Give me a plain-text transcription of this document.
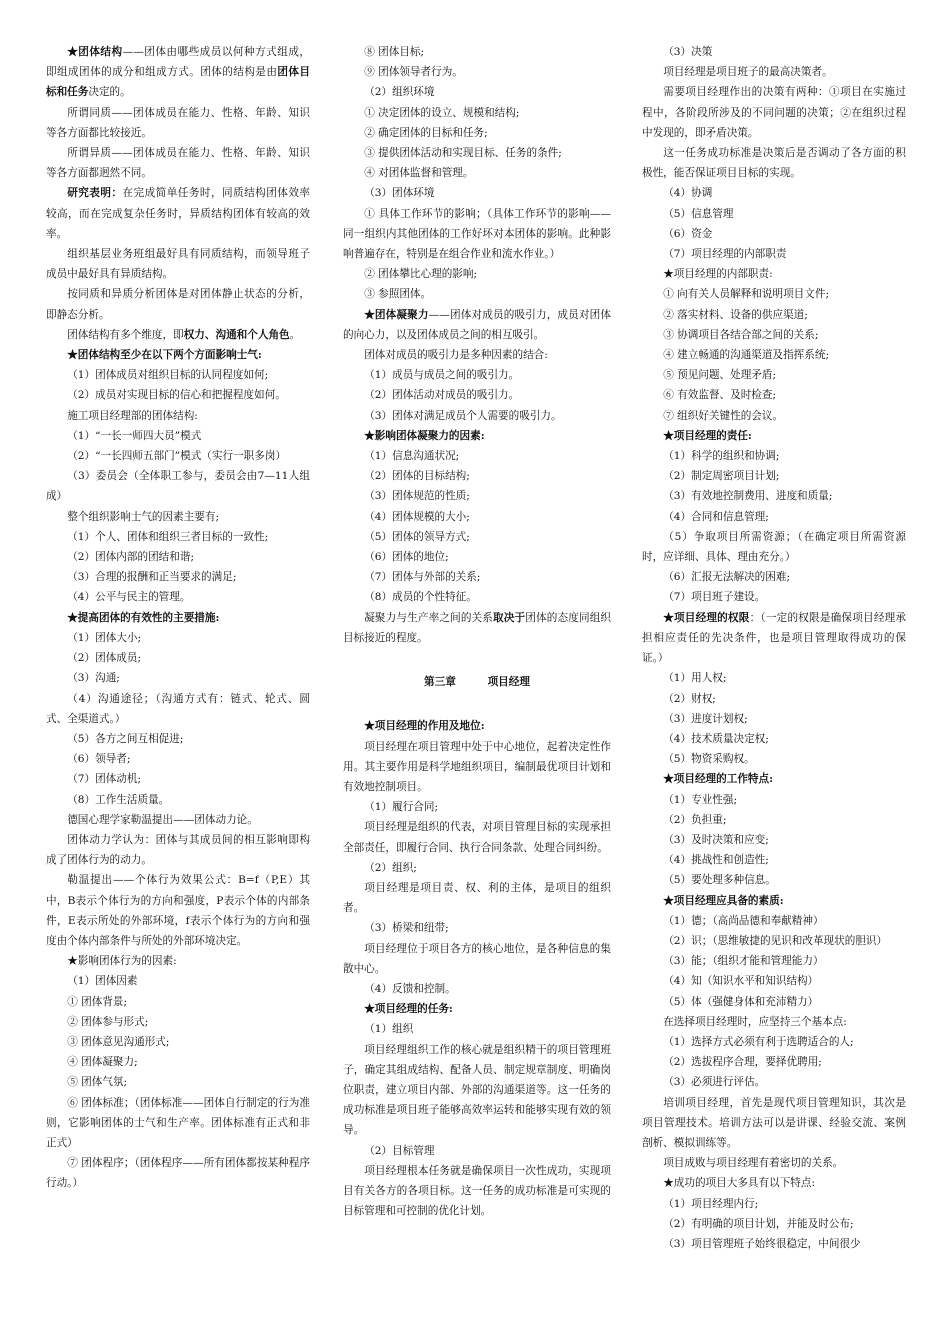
★团体结构——团体由哪些成员以何种方式组成，即组成团体的成分和组成方式。团体的结构是由团体目标和任务决定的。

所谓同质——团体成员在能力、性格、年龄、知识等各方面都比较接近。

所谓异质——团体成员在能力、性格、年龄、知识等各方面都迥然不同。

研究表明：在完成简单任务时，同质结构团体效率较高，而在完成复杂任务时，异质结构团体有较高的效率。

组织基层业务班组最好具有同质结构，而领导班子成员中最好具有异质结构。

按同质和异质分析团体是对团体静止状态的分析，即静态分析。

团体结构有多个维度，即权力、沟通和个人角色。

★团体结构至少在以下两个方面影响士气:

（1）团体成员对组织目标的认同程度如何;

（2）成员对实现目标的信心和把握程度如何。

施工项目经理部的团体结构:

（1）“一长一师四大员”模式

（2）“一长四师五部门”模式（实行一职多岗）

（3）委员会（全体职工参与，委员会由7—11人组成）

整个组织影响士气的因素主要有;

（1）个人、团体和组织三者目标的一致性;

（2）团体内部的团结和谐;

（3）合理的报酬和正当要求的满足;

（4）公平与民主的管理。

★提高团体的有效性的主要措施:

（1）团体大小;

（2）团体成员;

（3）沟通;

（4）沟通途径；（沟通方式有：链式、轮式、圆式、全渠道式。）

（5）各方之间互相促进;

（6）领导者;

（7）团体动机;

（8）工作生活质量。

德国心理学家勒温提出——团体动力论。

团体动力学认为：团体与其成员间的相互影响即构成了团体行为的动力。

勒温提出——个体行为效果公式：B=f（P,E）其中，B表示个体行为的方向和强度，P表示个体的内部条件，E表示所处的外部环境，f表示个体行为的方向和强度由个体内部条件与所处的外部环境决定。

★影响团体行为的因素:

（1）团体因素

① 团体背景;

② 团体参与形式;

③ 团体意见沟通形式;

④ 团体凝聚力;

⑤ 团体气氛;

⑥ 团体标准；（团体标准——团体自行制定的行为准则，它影响团体的士气和生产率。团体标准有正式和非正式）

⑦ 团体程序；（团体程序——所有团体都按某种程序行动。）

⑧ 团体目标;

⑨ 团体领导者行为。

（2）组织环境

① 决定团体的设立、规模和结构;

② 确定团体的目标和任务;

③ 提供团体活动和实现目标、任务的条件;

④ 对团体监督和管理。

（3）团体环境

① 具体工作环节的影响；（具体工作环节的影响——同一组织内其他团体的工作好坏对本团体的影响。此种影响普遍存在，特别是在组合作业和流水作业。）

② 团体攀比心理的影响;

③ 参照团体。

★团体凝聚力——团体对成员的吸引力，成员对团体的向心力，以及团体成员之间的相互吸引。

团体对成员的吸引力是多种因素的结合:

（1）成员与成员之间的吸引力。

（2）团体活动对成员的吸引力。

（3）团体对满足成员个人需要的吸引力。

★影响团体凝聚力的因素:

（1）信息沟通状况;

（2）团体的目标结构;

（3）团体规范的性质;

（4）团体规模的大小;

（5）团体的领导方式;

（6）团体的地位;

（7）团体与外部的关系;

（8）成员的个性特征。

凝聚力与生产率之间的关系取决于团体的态度同组织目标接近的程度。

第三章　　　项目经理

★项目经理的作用及地位:

项目经理在项目管理中处于中心地位，起着决定性作用。其主要作用是科学地组织项目，编制最优项目计划和有效地控制项目。

（1）履行合同;

项目经理是组织的代表，对项目管理目标的实现承担全部责任，即履行合同、执行合同条款、处理合同纠纷。

（2）组织;

项目经理是项目责、权、利的主体，是项目的组织者。

（3）桥梁和纽带;

项目经理位于项目各方的核心地位，是各种信息的集散中心。

（4）反馈和控制。

★项目经理的任务:

（1）组织

项目经理组织工作的核心就是组织精干的项目管理班子，确定其组成结构、配备人员、制定规章制度、明确岗位职责，建立项目内部、外部的沟通渠道等。这一任务的成功标准是项目班子能够高效率运转和能够实现有效的领导。

（2）目标管理

项目经理根本任务就是确保项目一次性成功，实现项目有关各方的各项目标。这一任务的成功标准是可实现的目标管理和可控制的优化计划。

（3）决策

项目经理是项目班子的最高决策者。

需要项目经理作出的决策有两种：①项目在实施过程中，各阶段所涉及的不同问题的决策；②在组织过程中发现的，即矛盾决策。

这一任务成功标准是决策后是否调动了各方面的积极性，能否保证项目目标的实现。

（4）协调

（5）信息管理

（6）资金

（7）项目经理的内部职责

★项目经理的内部职责:

① 向有关人员解释和说明项目文件;

② 落实材料、设备的供应渠道;

③ 协调项目各结合部之间的关系;

④ 建立畅通的沟通渠道及指挥系统;

⑤ 预见问题、处理矛盾;

⑥ 有效监督、及时检查;

⑦ 组织好关键性的会议。

★项目经理的责任:

（1）科学的组织和协调;

（2）制定周密项目计划;

（3）有效地控制费用、进度和质量;

（4）合同和信息管理;

（5）争取项目所需资源；（在确定项目所需资源时，应详细、具体、理由充分。）

（6）汇报无法解决的困难;

（7）项目班子建设。

★项目经理的权限：（一定的权限是确保项目经理承担相应责任的先决条件，也是项目管理取得成功的保证。）

（1）用人权;

（2）财权;

（3）进度计划权;

（4）技术质量决定权;

（5）物资采购权。

★项目经理的工作特点:

（1）专业性强;

（2）负担重;

（3）及时决策和应变;

（4）挑战性和创造性;

（5）要处理多种信息。

★项目经理应具备的素质:

（1）德；（高尚品德和奉献精神）

（2）识；（思维敏捷的见识和改革现状的胆识）

（3）能；（组织才能和管理能力）

（4）知（知识水平和知识结构）

（5）体（强健身体和充沛精力）

在选择项目经理时，应坚持三个基本点:

（1）选择方式必须有利于选聘适合的人;

（2）选拔程序合理，要择优聘用;

（3）必须进行评估。

培训项目经理，首先是现代项目管理知识，其次是项目管理技术。培训方法可以是讲课、经验交流、案例剖析、模拟训练等。

项目成败与项目经理有着密切的关系。

★成功的项目大多具有以下特点:

（1）项目经理内行;

（2）有明确的项目计划，并能及时公布;

（3）项目管理班子始终很稳定，中间很少
